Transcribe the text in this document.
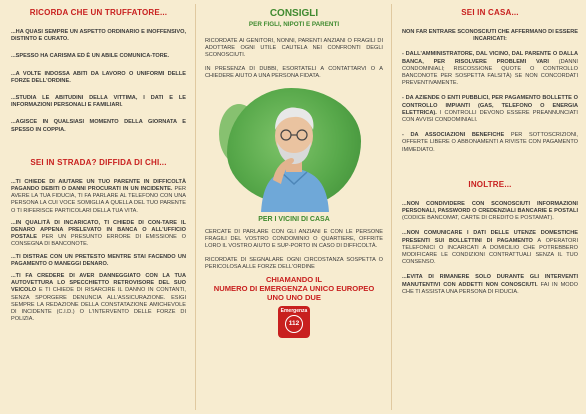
RICORDA CHE UN TRUFFATORE...

...HA QUASI SEMPRE UN ASPETTO ORDINARIO E INOFFENSIVO, DISTINTO E CURATO.

...SPESSO HA CARISMA ED È UN ABILE COMUNICA-TORE.

...A VOLTE INDOSSA ABITI DA LAVORO O UNIFORMI DELLE FORZE DELL'ORDINE.

...STUDIA LE ABITUDINI DELLA VITTIMA, I DATI E LE INFORMAZIONI PERSONALI E FAMILIARI.

...AGISCE IN QUALSIASI MOMENTO DELLA GIORNATA E SPESSO IN COPPIA.

SEI IN STRADA? DIFFIDA DI CHI...

...TI CHIEDE DI AIUTARE UN TUO PARENTE IN DIFFICOLTÀ PAGANDO DEBITI O DANNI PROCURATI IN UN INCIDENTE. PER AVERE LA TUA FIDUCIA, TI FA PARLARE AL TELEFONO CON UNA PERSONA LA CUI VOCE SOMIGLIA A QUELLA DEL TUO PARENTE O TI RIFERISCE PARTICOLARI DELLA TUA VITA.

...IN QUALITÀ DI INCARICATO, TI CHIEDE DI CON-TARE IL DENARO APPENA PRELEVATO IN BANCA O ALL'UFFICIO POSTALE PER UN PRESUNTO ERRORE DI EMISSIONE O CONSEGNA DI BANCONOTE.

...TI DISTRAE CON UN PRETESTO MENTRE STAI FACENDO UN PAGAMENTO O MANEGGI DENARO.

...TI FA CREDERE DI AVER DANNEGGIATO CON LA TUA AUTOVETTURA LO SPECCHIETTO RETROVISORE DEL SUO VEICOLO E TI CHIEDE DI RISARCIRE IL DANNO IN CONTANTI, SENZA SPORGERE DENUNCIA ALL'ASSICURAZIONE. ESIGI SEMPRE LA REDAZIONE DELLA CONSTATAZIONE AMICHEVOLE DI INCIDENTE (C.I.D.) O L'INTERVENTO DELLE FORZE DI POLIZIA.

CONSIGLI
PER FIGLI, NIPOTI E PARENTI

RICORDATE AI GENITORI, NONNI, PARENTI ANZIANI O FRAGILI DI ADOTTARE OGNI UTILE CAUTELA NEI CONFRONTI DEGLI SCONOSCIUTI.

IN PRESENZA DI DUBBI, ESORTATELI A CONTATTARVI O A CHIEDERE AIUTO A UNA PERSONA FIDATA.

PER I VICINI DI CASA

CERCATE DI PARLARE CON GLI ANZIANI E CON LE PERSONE FRAGILI DEL VOSTRO CONDOMINIO O QUARTIERE, OFFRITE LORO IL VOSTRO AIUTO E SUP-PORTO IN CASO DI DIFFICOLTÀ.

RICORDATE DI SEGNALARE OGNI CIRCOSTANZA SOSPETTA O PERICOLOSA ALLE FORZE DELL'ORDINE

CHIAMANDO IL
NUMERO DI EMERGENZA UNICO EUROPEO
UNO UNO DUE
Emergenza
112
SEI IN CASA...

NON FAR ENTRARE SCONOSCIUTI CHE AFFERMANO DI ESSERE INCARICATI:

- DALL'AMMINISTRATORE, DAL VICINO, DAL PARENTE O DALLA BANCA, PER RISOLVERE PROBLEMI VARI (DANNI CONDOMINIALI; RISCOSSIONE QUOTE O CONTROLLO BANCONOTE PER SOSPETTA FALSITÀ) SE NON CONCORDATI PREVENTIVAMENTE.

- DA AZIENDE O ENTI PUBBLICI, PER PAGAMENTO BOLLETTE O CONTROLLO IMPIANTI (GAS, TELEFONO O ENERGIA ELETTRICA). I CONTROLLI DEVONO ESSERE PREANNUNCIATI CON AVVISI CONDOMINIALI.

- DA ASSOCIAZIONI BENEFICHE PER SOTTOSCRIZIONI, OFFERTE LIBERE O ABBONAMENTI A RIVISTE CON PAGAMENTO IMMEDIATO.

INOLTRE...

...NON CONDIVIDERE CON SCONOSCIUTI INFORMAZIONI PERSONALI, PASSWORD O CREDENZIALI BANCARIE E POSTALI (CODICE BANCOMAT, CARTE DI CREDITO E POSTAMAT).

...NON COMUNICARE I DATI DELLE UTENZE DOMESTICHE PRESENTI SUI BOLLETTINI DI PAGAMENTO A OPERATORI TELEFONICI O INCARICATI A DOMICILIO CHE POTREBBERO MODIFICARE LE CONDIZIONI CONTRATTUALI SENZA IL TUO CONSENSO.

...EVITA DI RIMANERE SOLO DURANTE GLI INTERVENTI MANUTENTIVI CON ADDETTI NON CONOSCIUTI. FAI IN MODO CHE TI ASSISTA UNA PERSONA DI FIDUCIA.
